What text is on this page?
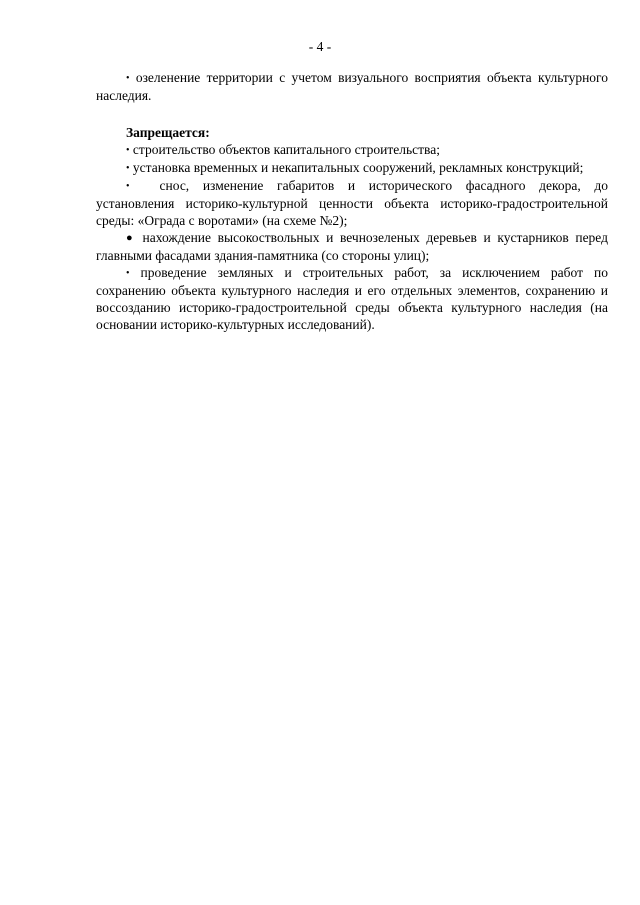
- 4 -

• озеленение территории с учетом визуального восприятия объекта культурного наследия.

Запрещается:

• строительство объектов капитального строительства;

• установка временных и некапитальных сооружений, рекламных конструкций;

• снос, изменение габаритов и исторического фасадного декора, до установления историко-культурной ценности объекта историко-градостроительной среды: «Ограда с воротами» (на схеме №2);

● нахождение высокоствольных и вечнозеленых деревьев и кустарников перед главными фасадами здания-памятника (со стороны улиц);

• проведение земляных и строительных работ, за исключением работ по сохранению объекта культурного наследия и его отдельных элементов, сохранению и воссозданию историко-градостроительной среды объекта культурного наследия (на основании историко-культурных исследований).
